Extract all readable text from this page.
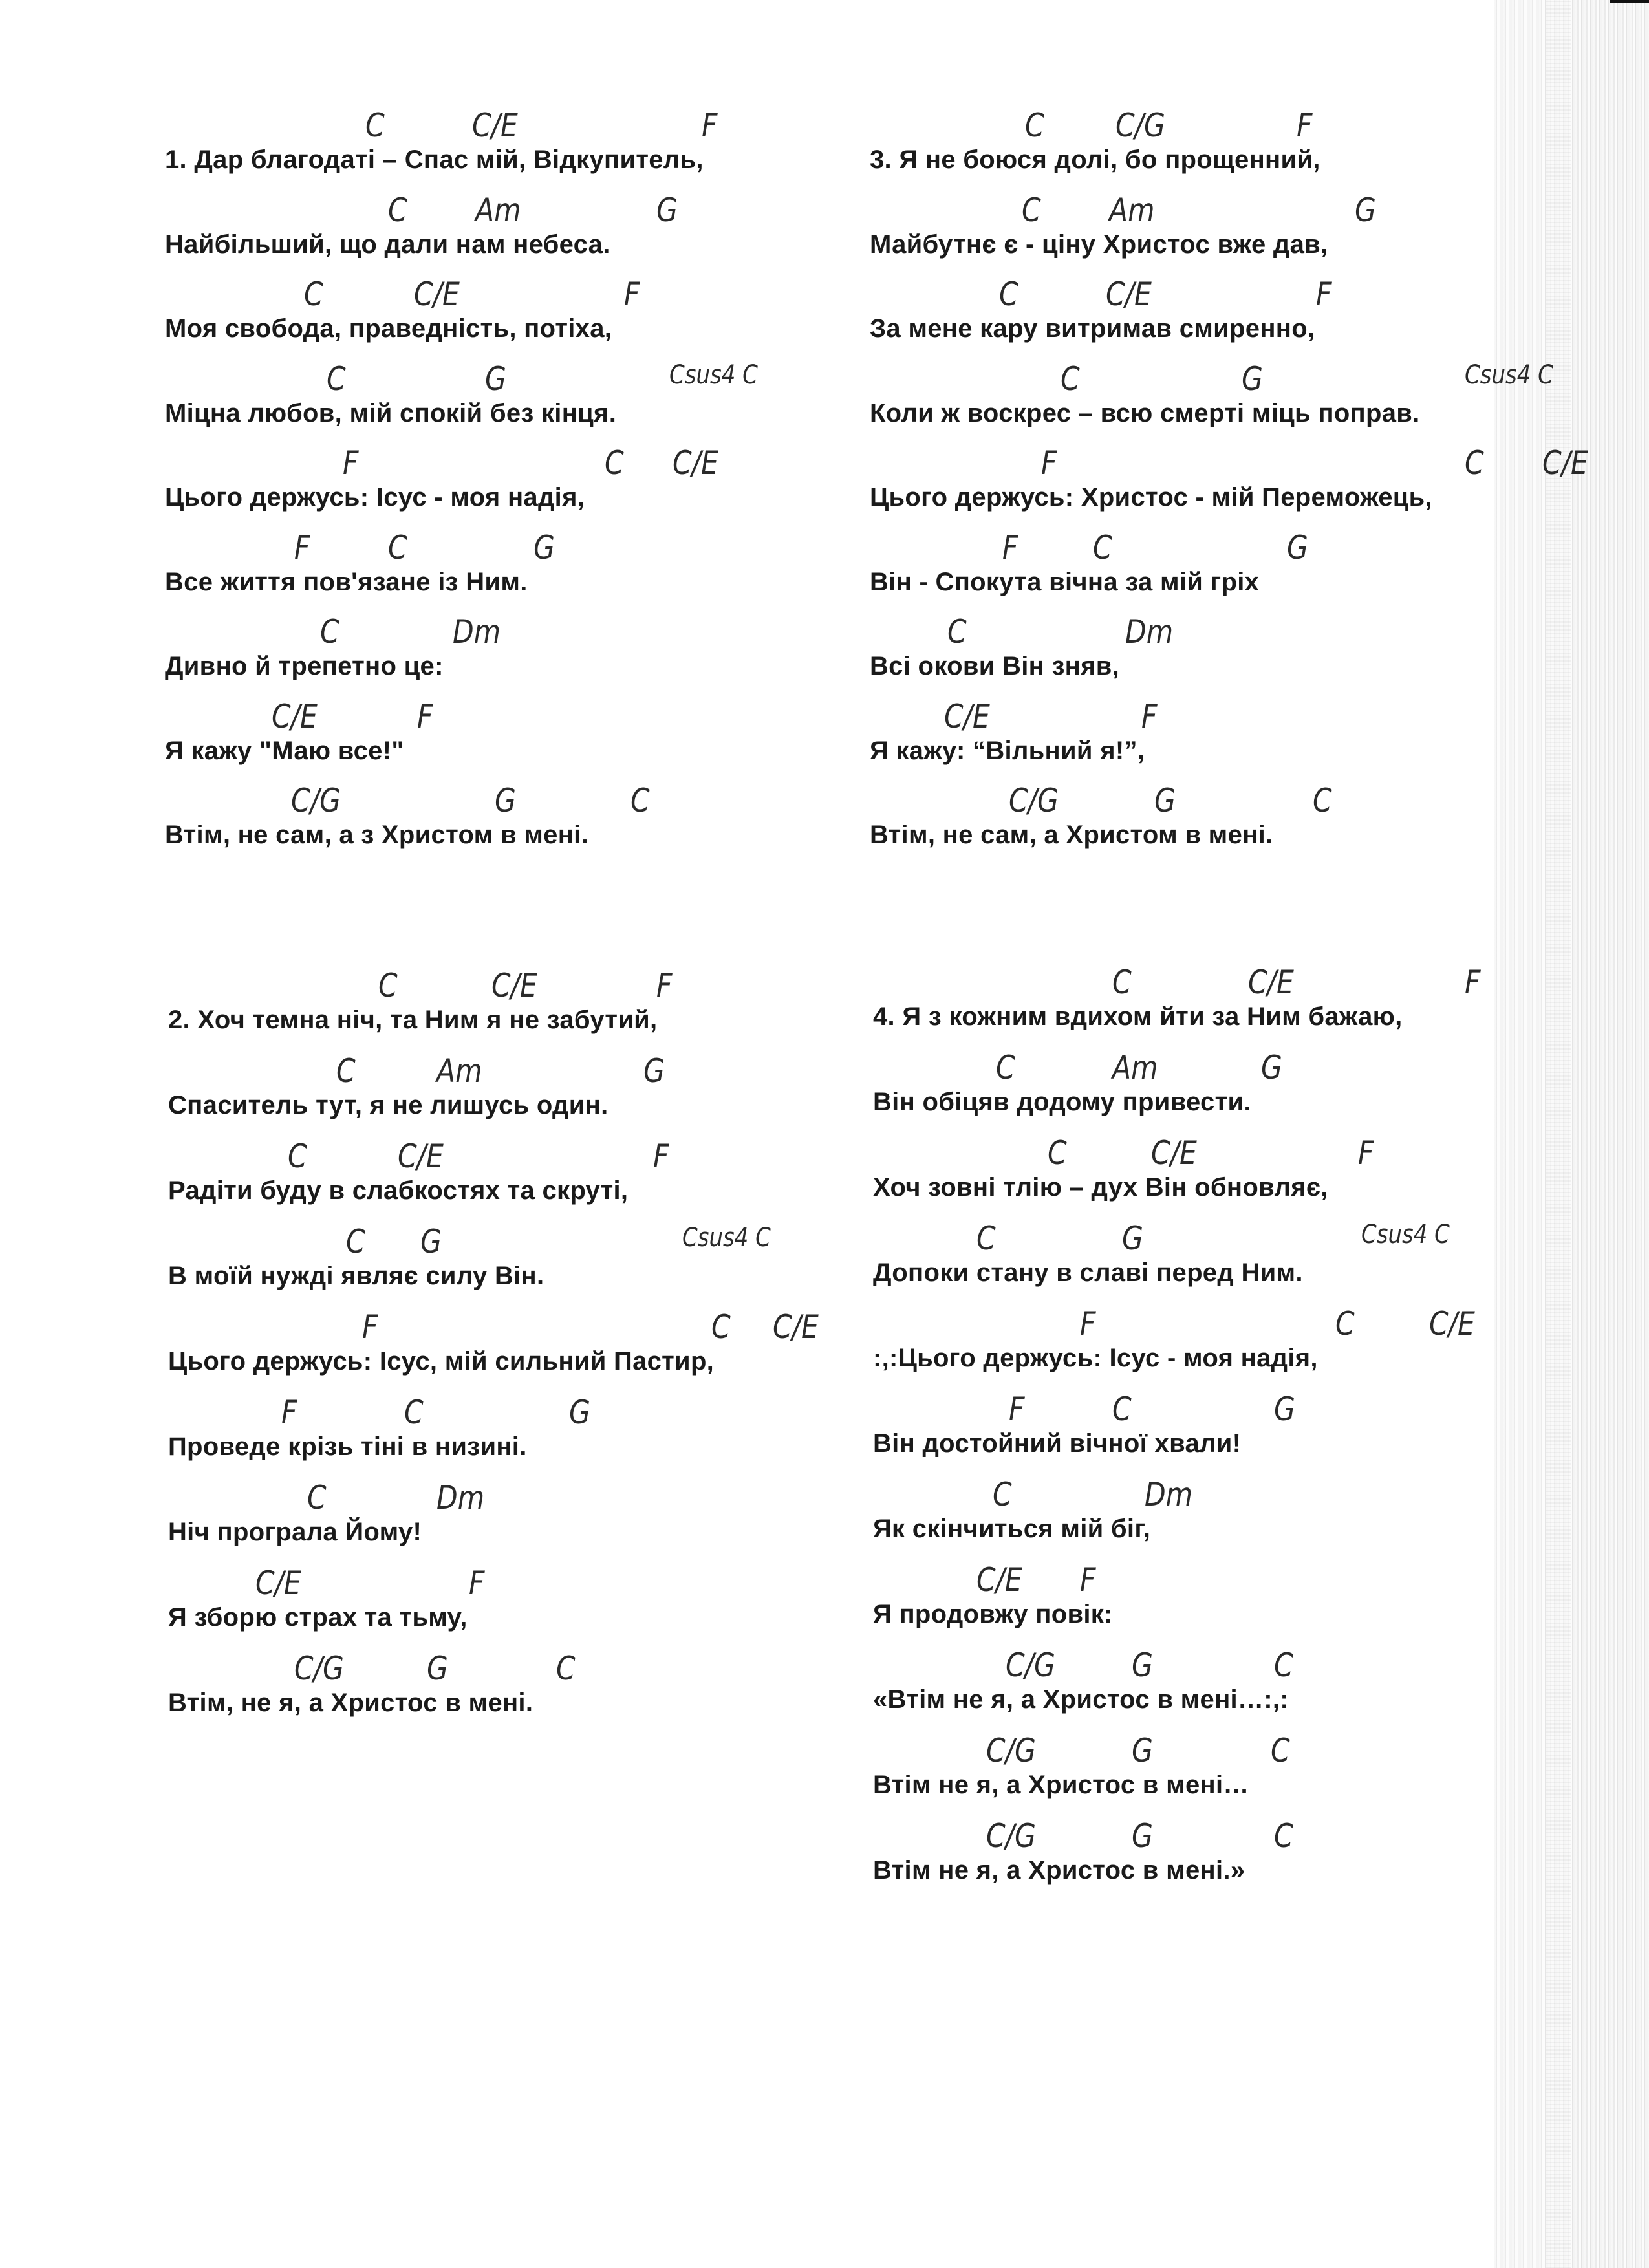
C	C/E	F
1. Дар благодаті – Спас мій, Відкупитель,
C Am	G
Найбільший, що дали нам небеса.
C	C/E	F
Моя свобода, праведність, потіха,
C	G	Csus4 C
Міцна любов, мій спокій без кінця.
F	C C/E
Цього держусь: Ісус - моя надія,
F C	G
Все життя пов'язане із Ним.
C	Dm
Дивно й трепетно це:
C/E	F
Я кажу "Маю все!"
C/G	G	C
Втім, не сам, а з Христом в мені.
C C/G	F
3. Я не боюся долі, бо прощенний,
C Am	G
Майбутнє є - ціну Христос вже дав,
C	C/E	F
За мене кару витримав смиренно,
C	G	Csus4 C
Коли ж воскрес – всю смерті міць поправ.
F	C C/E
Цього держусь: Христос - мій Переможець,
F C	G
Він - Спокута вічна за мій гріх
C	Dm
Всі окови Він зняв,
C/E	F
Я кажу: “Вільний я!”,
C/G	G	C
Втім, не сам, а Христом в мені.
C	C/E	F
2. Хоч темна ніч, та Ним я не забутий,
C	Am	G
Спаситель тут, я не лишусь один.
C	C/E	F
Радіти буду в слабкостях та скруті,
C G	Csus4 C
В моїй нужді являє силу Він.
F	C C/E
Цього держусь: Ісус, мій сильний Пастир,
F	C	G
Проведе крізь тіні в низині.
C	Dm
Ніч програла Йому!
C/E	F
Я зборю страх та тьму,
C/G	G	C
Втім, не я, а Христос в мені.
C	C/E	F
4. Я з кожним вдихом йти за Ним бажаю,
C	Am	G
Він обіцяв додому привести.
C	C/E	F
Хоч зовні тлію – дух Він обновляє,
C	G	Csus4 C
Допоки стану в славі перед Ним.
F	C C/E
:,:Цього держусь: Ісус - моя надія,
F	C	G
Він достойний вічної хвали!
C	Dm
Як скінчиться мій біг,
C/E F
Я продовжу повік:
C/G G	C
«Втім не я, а Христос в мені…:,:
C/G	G	C
Втім не я, а Христос в мені…
C/G	G	C
Втім не я, а Христос в мені.»
